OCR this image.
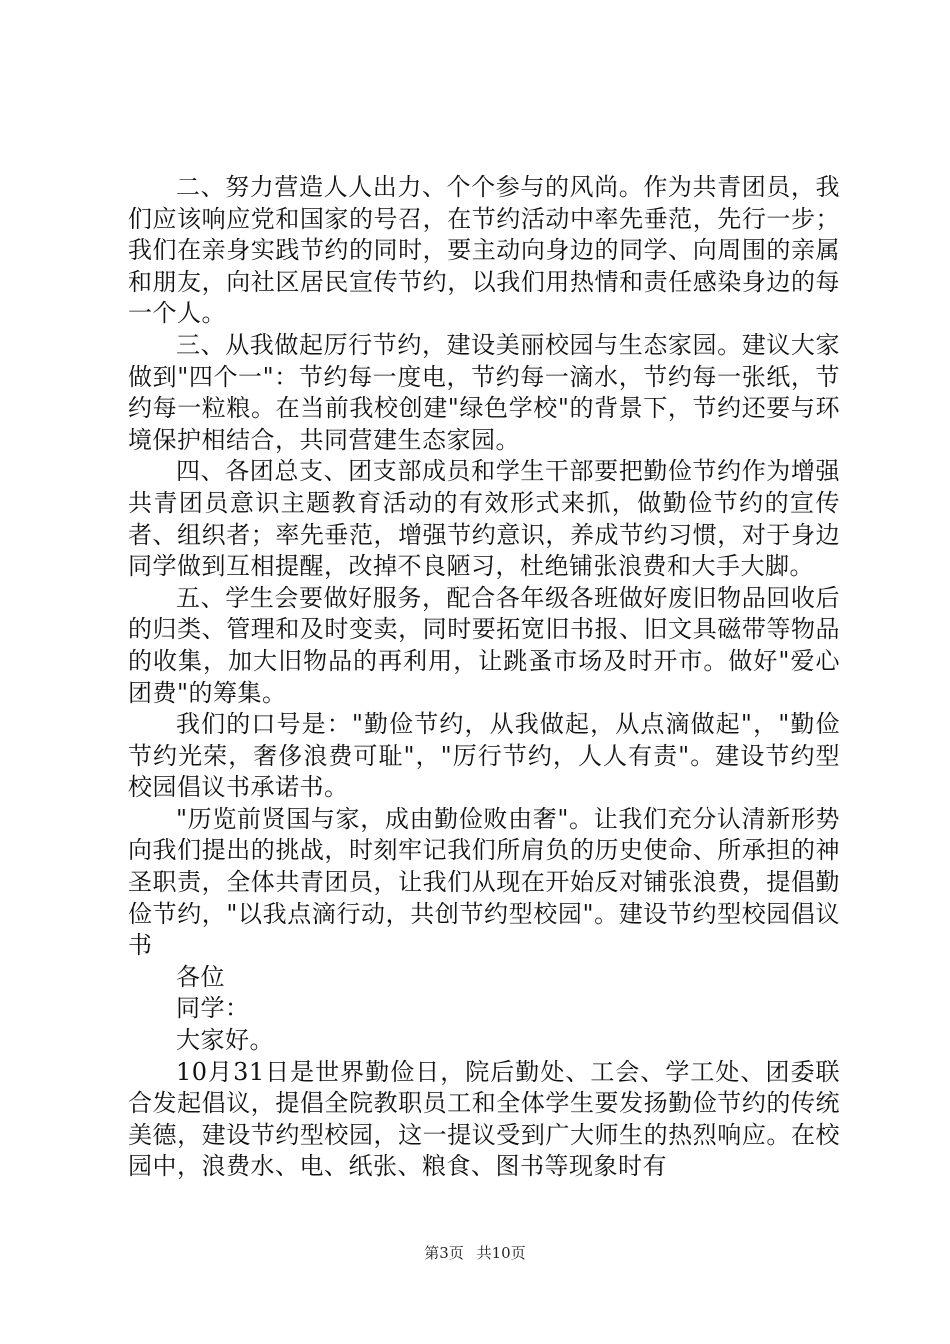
二、努力营造人人出力、个个参与的风尚。作为共青团员，我们应该响应党和国家的号召，在节约活动中率先垂范，先行一步；我们在亲身实践节约的同时，要主动向身边的同学、向周围的亲属和朋友，向社区居民宣传节约，以我们用热情和责任感染身边的每一个人。

三、从我做起厉行节约，建设美丽校园与生态家园。建议大家做到"四个一"：节约每一度电，节约每一滴水，节约每一张纸，节约每一粒粮。在当前我校创建"绿色学校"的背景下，节约还要与环境保护相结合，共同营建生态家园。

四、各团总支、团支部成员和学生干部要把勤俭节约作为增强共青团员意识主题教育活动的有效形式来抓，做勤俭节约的宣传者、组织者；率先垂范，增强节约意识，养成节约习惯，对于身边同学做到互相提醒，改掉不良陋习，杜绝铺张浪费和大手大脚。

五、学生会要做好服务，配合各年级各班做好废旧物品回收后的归类、管理和及时变卖，同时要拓宽旧书报、旧文具磁带等物品的收集，加大旧物品的再利用，让跳蚤市场及时开市。做好"爱心团费"的筹集。

我们的口号是："勤俭节约，从我做起，从点滴做起"，"勤俭节约光荣，奢侈浪费可耻"，"厉行节约，人人有责"。建设节约型校园倡议书承诺书。

"历览前贤国与家，成由勤俭败由奢"。让我们充分认清新形势向我们提出的挑战，时刻牢记我们所肩负的历史使命、所承担的神圣职责，全体共青团员，让我们从现在开始反对铺张浪费，提倡勤俭节约，"以我点滴行动，共创节约型校园"。建设节约型校园倡议书

各位

同学：

大家好。

10月31日是世界勤俭日，院后勤处、工会、学工处、团委联合发起倡议，提倡全院教职员工和全体学生要发扬勤俭节约的传统美德，建设节约型校园，这一提议受到广大师生的热烈响应。在校园中，浪费水、电、纸张、粮食、图书等现象时有

第3页 共10页
